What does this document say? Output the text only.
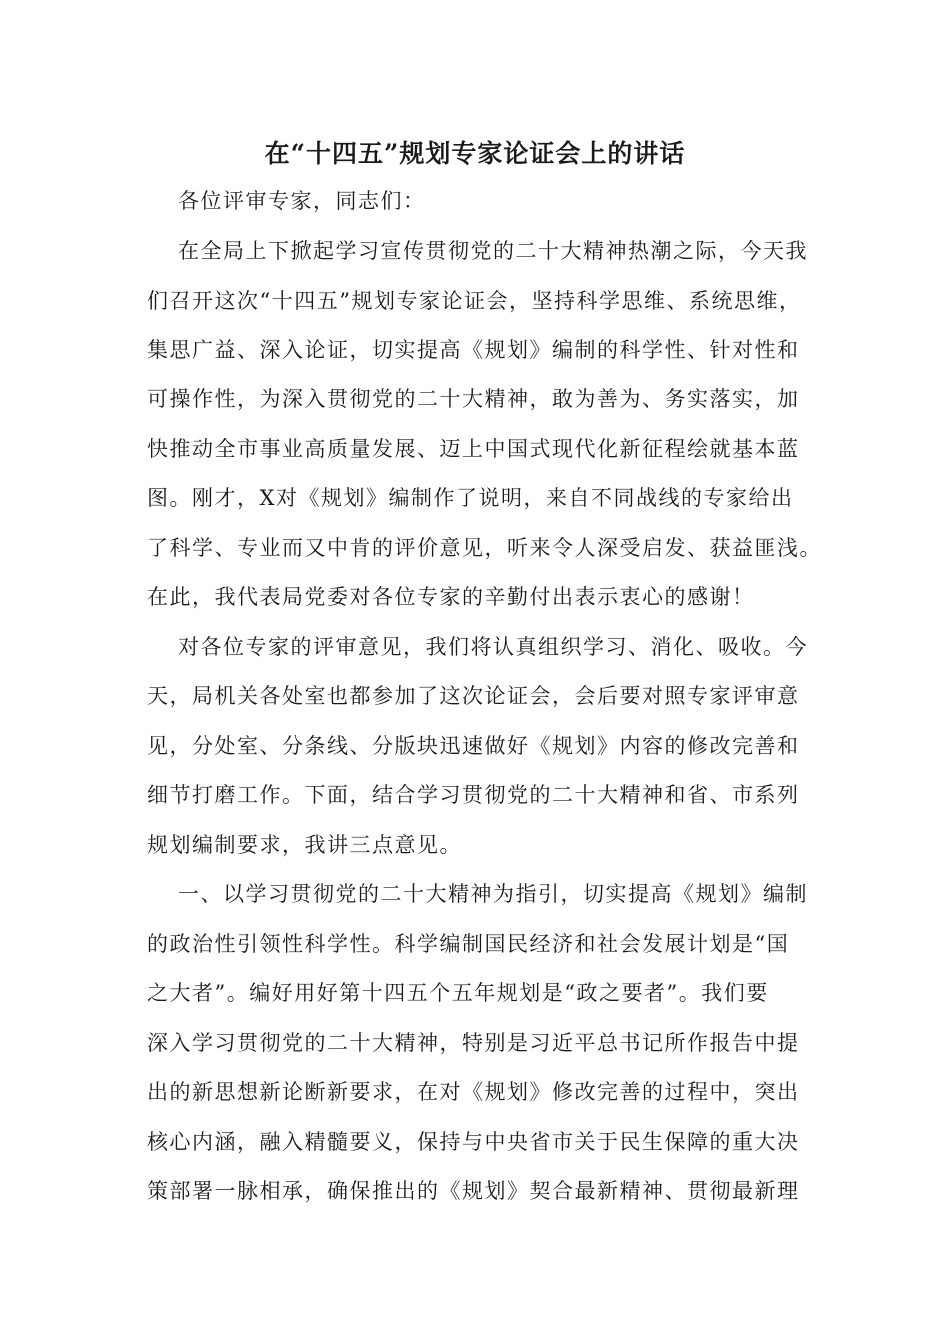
在“十四五”规划专家论证会上的讲话

各位评审专家，同志们：

在全局上下掀起学习宣传贯彻党的二十大精神热潮之际，今天我

们召开这次“十四五”规划专家论证会，坚持科学思维、系统思维，

集思广益、深入论证，切实提高《规划》编制的科学性、针对性和

可操作性，为深入贯彻党的二十大精神，敢为善为、务实落实，加

快推动全市事业高质量发展、迈上中国式现代化新征程绘就基本蓝

图。刚才，X对《规划》编制作了说明，来自不同战线的专家给出

了科学、专业而又中肯的评价意见，听来令人深受启发、获益匪浅。

在此，我代表局党委对各位专家的辛勤付出表示衷心的感谢！

对各位专家的评审意见，我们将认真组织学习、消化、吸收。今

天，局机关各处室也都参加了这次论证会，会后要对照专家评审意

见，分处室、分条线、分版块迅速做好《规划》内容的修改完善和

细节打磨工作。下面，结合学习贯彻党的二十大精神和省、市系列

规划编制要求，我讲三点意见。

一、以学习贯彻党的二十大精神为指引，切实提高《规划》编制

的政治性引领性科学性。科学编制国民经济和社会发展计划是“国

之大者”。编好用好第十四五个五年规划是“政之要者”。我们要

深入学习贯彻党的二十大精神，特别是习近平总书记所作报告中提

出的新思想新论断新要求，在对《规划》修改完善的过程中，突出

核心内涵，融入精髓要义，保持与中央省市关于民生保障的重大决

策部署一脉相承，确保推出的《规划》契合最新精神、贯彻最新理
